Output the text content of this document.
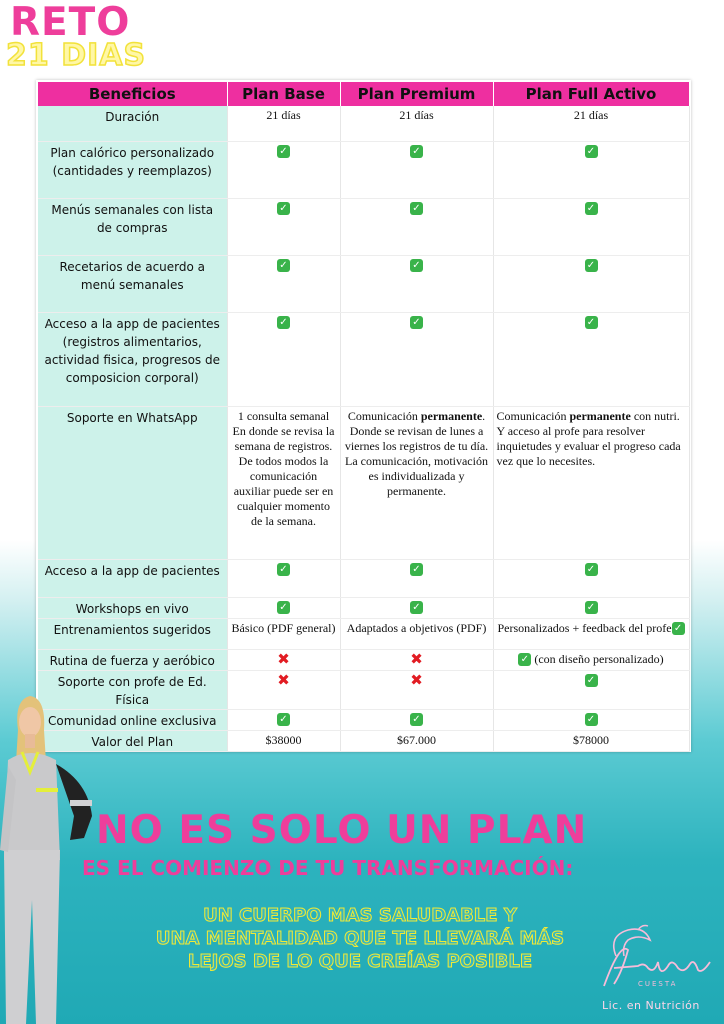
RETO
21 DIAS
Beneficios	Plan Base	Plan Premium	Plan Full Activo
Duración	21 días	21 días	21 días
Plan calórico personalizado (cantidades y reemplazos)	✓	✓	✓
Menús semanales con lista de compras	✓	✓	✓
Recetarios de acuerdo a menú semanales	✓	✓	✓
Acceso a la app de pacientes (registros alimentarios, actividad fisica, progresos de composicion corporal)	✓	✓	✓
Soporte en WhatsApp	1 consulta semanal En donde se revisa la semana de registros. De todos modos la comunicación auxiliar puede ser en cualquier momento de la semana.	Comunicación permanente. Donde se revisan de lunes a viernes los registros de tu día. La comunicación, motivación es individualizada y permanente.	Comunicación permanente con nutri. Y acceso al profe para resolver inquietudes y evaluar el progreso cada vez que lo necesites.
Acceso a la app de pacientes	✓	✓	✓
Workshops en vivo	✓	✓	✓
Entrenamientos sugeridos	Básico (PDF general)	Adaptados a objetivos (PDF)	Personalizados + feedback del profe ✓
Rutina de fuerza y aeróbico	✖	✖	✓ (con diseño personalizado)
Soporte con profe de Ed. Física	✖	✖	✓
Comunidad online exclusiva	✓	✓	✓
Valor del Plan	$38000	$67.000	$78000
NO ES SOLO UN PLAN
ES EL COMIENZO DE TU TRANSFORMACIÓN:
UN CUERPO MAS SALUDABLE Y
UNA MENTALIDAD QUE TE LLEVARÁ MÁS
LEJOS DE LO QUE CREÍAS POSIBLE
CUESTA
Lic. en Nutrición
